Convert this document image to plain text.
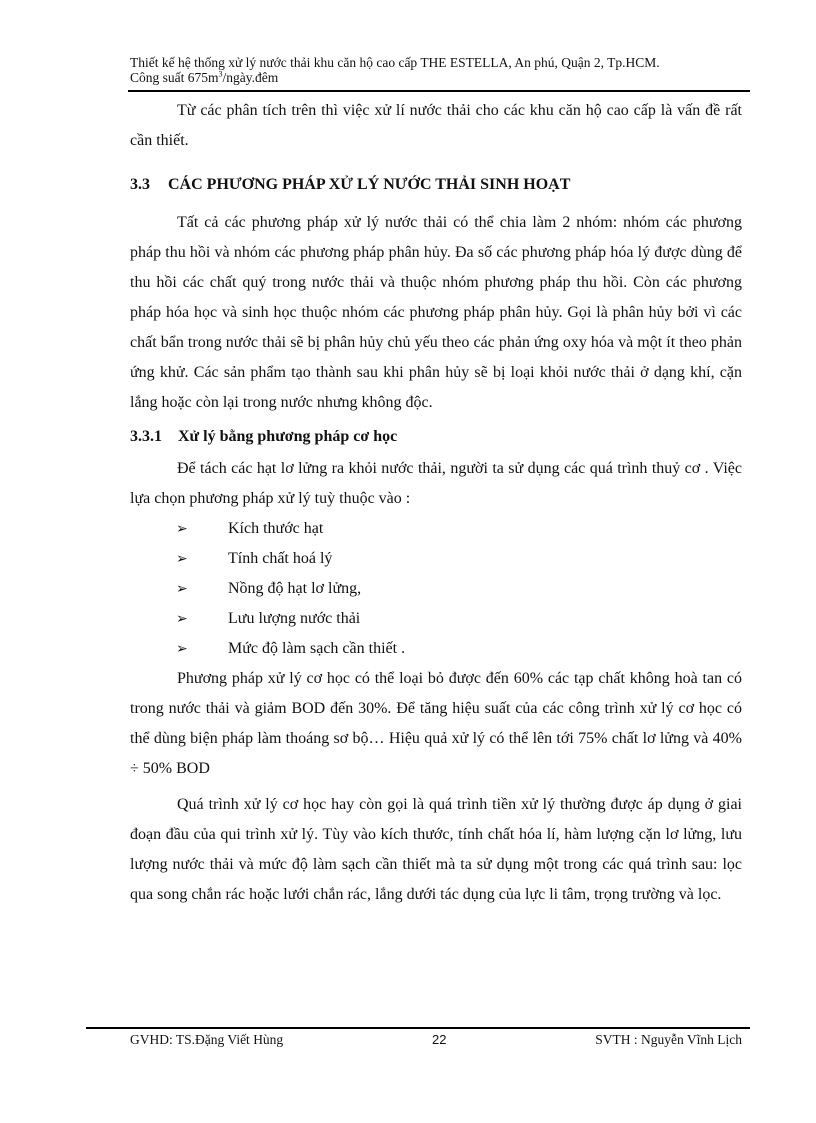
Thiết kế hệ thống xử lý nước thải khu căn hộ cao cấp THE ESTELLA, An phú, Quận 2, Tp.HCM.
Công suất $675m^3/ngày.đêm$

Từ các phân tích trên thì việc xử lí nước thải cho các khu căn hộ cao cấp là vấn đề rất cần thiết.

3.3 CÁC PHƯƠNG PHÁP XỬ LÝ NƯỚC THẢI SINH HOẠT

Tất cả các phương pháp xử lý nước thải có thể chia làm 2 nhóm: nhóm các phương pháp thu hồi và nhóm các phương pháp phân hủy. Đa số các phương pháp hóa lý được dùng để thu hồi các chất quý trong nước thải và thuộc nhóm phương pháp thu hồi. Còn các phương pháp hóa học và sinh học thuộc nhóm các phương pháp phân hủy. Gọi là phân hủy bởi vì các chất bẩn trong nước thải sẽ bị phân hủy chủ yếu theo các phản ứng oxy hóa và một ít theo phản ứng khử. Các sản phẩm tạo thành sau khi phân hủy sẽ bị loại khỏi nước thải ở dạng khí, cặn lắng hoặc còn lại trong nước nhưng không độc.

3.3.1 Xử lý bằng phương pháp cơ học

Để tách các hạt lơ lửng ra khỏi nước thải, người ta sử dụng các quá trình thuỷ cơ . Việc lựa chọn phương pháp xử lý tuỳ thuộc vào :

➢	Kích thước hạt
➢	Tính chất hoá lý
➢	Nồng độ hạt lơ lửng,
➢	Lưu lượng nước thải
➢	Mức độ làm sạch cần thiết .

Phương pháp xử lý cơ học có thể loại bỏ được đến 60% các tạp chất không hoà tan có trong nước thải và giảm BOD đến 30%. Để tăng hiệu suất của các công trình xử lý cơ học có thể dùng biện pháp làm thoáng sơ bộ… Hiệu quả xử lý có thể lên tới 75% chất lơ lửng và 40% ÷ 50% BOD

Quá trình xử lý cơ học hay còn gọi là quá trình tiền xử lý thường được áp dụng ở giai đoạn đầu của qui trình xử lý. Tùy vào kích thước, tính chất hóa lí, hàm lượng cặn lơ lửng, lưu lượng nước thải và mức độ làm sạch cần thiết mà ta sử dụng một trong các quá trình sau: lọc qua song chắn rác hoặc lưới chắn rác, lắng dưới tác dụng của lực li tâm, trọng trường và lọc.

GVHD: TS.Đặng Viết Hùng	22	SVTH : Nguyễn Vĩnh Lịch
